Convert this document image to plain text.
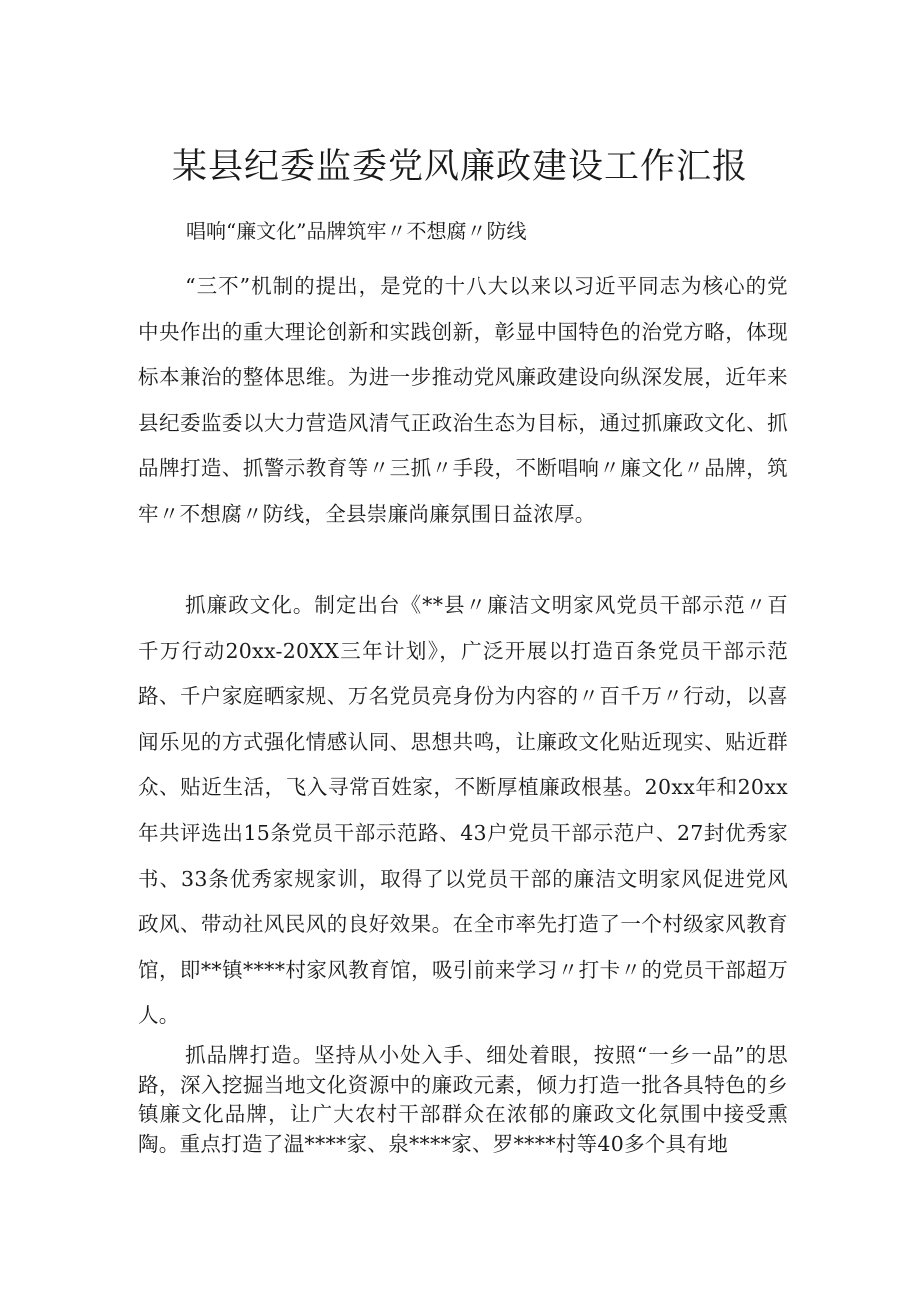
某县纪委监委党风廉政建设工作汇报

唱响“廉文化”品牌筑牢〃不想腐〃防线

“三不”机制的提出，是党的十八大以来以习近平同志为核心的党中央作出的重大理论创新和实践创新，彰显中国特色的治党方略，体现标本兼治的整体思维。为进一步推动党风廉政建设向纵深发展，近年来县纪委监委以大力营造风清气正政治生态为目标，通过抓廉政文化、抓品牌打造、抓警示教育等〃三抓〃手段，不断唱响〃廉文化〃品牌，筑牢〃不想腐〃防线，全县崇廉尚廉氛围日益浓厚。

抓廉政文化。制定出台《**县〃廉洁文明家风党员干部示范〃百千万行动20xx-20XX三年计划》，广泛开展以打造百条党员干部示范路、千户家庭晒家规、万名党员亮身份为内容的〃百千万〃行动，以喜闻乐见的方式强化情感认同、思想共鸣，让廉政文化贴近现实、贴近群众、贴近生活，飞入寻常百姓家，不断厚植廉政根基。20xx年和20xx年共评选出15条党员干部示范路、43户党员干部示范户、27封优秀家书、33条优秀家规家训，取得了以党员干部的廉洁文明家风促进党风政风、带动社风民风的良好效果。在全市率先打造了一个村级家风教育馆，即**镇****村家风教育馆，吸引前来学习〃打卡〃的党员干部超万人。

抓品牌打造。坚持从小处入手、细处着眼，按照“一乡一品”的思路，深入挖掘当地文化资源中的廉政元素，倾力打造一批各具特色的乡镇廉文化品牌，让广大农村干部群众在浓郁的廉政文化氛围中接受熏陶。重点打造了温****家、泉****家、罗****村等40多个具有地
